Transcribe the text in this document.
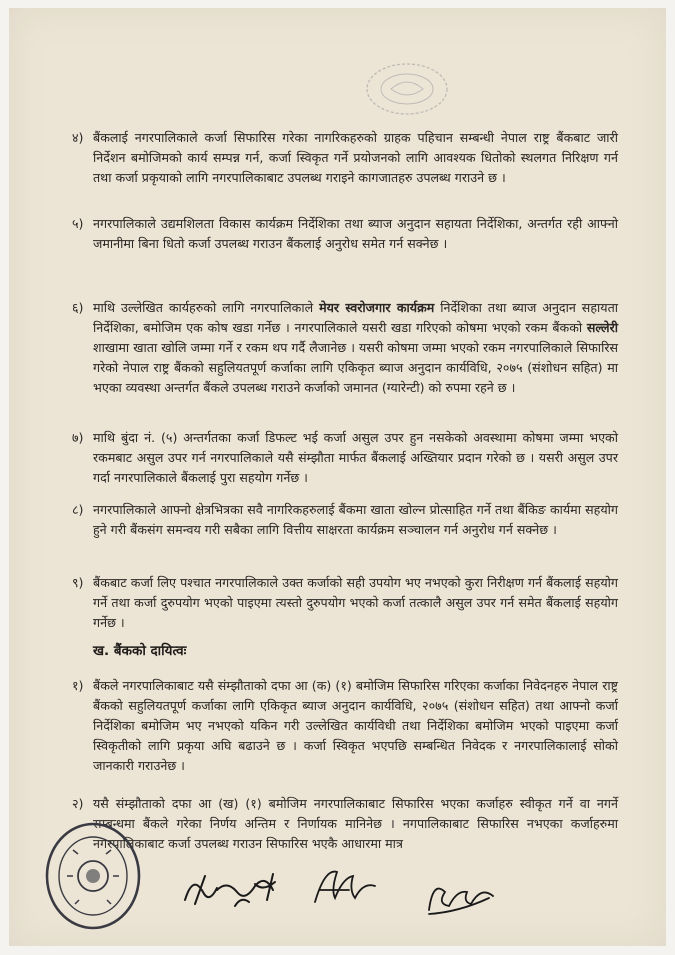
४) बैंकलाई नगरपालिकाले कर्जा सिफारिस गरेका नागरिकहरुको ग्राहक पहिचान सम्बन्धी नेपाल राष्ट्र बैंकबाट जारी निर्देशन बमोजिमको कार्य सम्पन्न गर्न, कर्जा स्विकृत गर्ने प्रयोजनको लागि आवश्यक धितोको स्थलगत निरिक्षण गर्न तथा कर्जा प्रकृयाको लागि नगरपालिकाबाट उपलब्ध गराइने कागजातहरु उपलब्ध गराउने छ ।
५) नगरपालिकाले उद्यमशिलता विकास कार्यक्रम निर्देशिका तथा ब्याज अनुदान सहायता निर्देशिका, अन्तर्गत रही आफ्नो जमानीमा बिना धितो कर्जा उपलब्ध गराउन बैंकलाई अनुरोध समेत गर्न सक्नेछ ।
६) माथि उल्लेखित कार्यहरुको लागि नगरपालिकाले मेयर स्वरोजगार कार्यक्रम निर्देशिका तथा ब्याज अनुदान सहायता निर्देशिका, बमोजिम एक कोष खडा गर्नेछ । नगरपालिकाले यसरी खडा गरिएको कोषमा भएको रकम बैंकको सल्लेरी शाखामा खाता खोलि जम्मा गर्ने र रकम थप गर्दै लैजानेछ । यसरी कोषमा जम्मा भएको रकम नगरपालिकाले सिफारिस गरेको नेपाल राष्ट्र बैंकको सहुलियतपूर्ण कर्जाका लागि एकिकृत ब्याज अनुदान कार्यविधि, २०७५ (संशोधन सहित) मा भएका व्यवस्था अन्तर्गत बैंकले उपलब्ध गराउने कर्जाको जमानत (ग्यारेन्टी) को रुपमा रहने छ ।
७) माथि बुंदा नं. (५) अन्तर्गतका कर्जा डिफल्ट भई कर्जा असुल उपर हुन नसकेको अवस्थामा कोषमा जम्मा भएको रकमबाट असुल उपर गर्न नगरपालिकाले यसै संम्झौता मार्फत बैंकलाई अख्तियार प्रदान गरेको छ । यसरी असुल उपर गर्दा नगरपालिकाले बैंकलाई पुरा सहयोग गर्नेछ ।
८) नगरपालिकाले आफ्नो क्षेत्रभित्रका सवै नागरिकहरुलाई बैंकमा खाता खोल्न प्रोत्साहित गर्ने तथा बैंकिङ कार्यमा सहयोग हुने गरी बैंकसंग समन्वय गरी सबैका लागि वित्तीय साक्षरता कार्यक्रम सञ्चालन गर्न अनुरोध गर्न सक्नेछ ।
९) बैंकबाट कर्जा लिए पश्चात नगरपालिकाले उक्त कर्जाको सही उपयोग भए नभएको कुरा निरीक्षण गर्न बैंकलाई सहयोग गर्ने तथा कर्जा दुरुपयोग भएको पाइएमा त्यस्तो दुरुपयोग भएको कर्जा तत्कालै असुल उपर गर्न समेत बैंकलाई सहयोग गर्नेछ ।
ख. बैंकको दायित्वः
१) बैंकले नगरपालिकाबाट यसै संम्झौताको दफा आ (क) (१) बमोजिम सिफारिस गरिएका कर्जाका निवेदनहरु नेपाल राष्ट्र बैंकको सहुलियतपूर्ण कर्जाका लागि एकिकृत ब्याज अनुदान कार्यविधि, २०७५ (संशोधन सहित) तथा आफ्नो कर्जा निर्देशिका बमोजिम भए नभएको यकिन गरी उल्लेखित कार्यविधी तथा निर्देशिका बमोजिम भएको पाइएमा कर्जा स्विकृतीको लागि प्रकृया अघि बढाउने छ । कर्जा स्विकृत भएपछि सम्बन्धित निवेदक र नगरपालिकालाई सोको जानकारी गराउनेछ ।
२) यसै संम्झौताको दफा आ (ख) (१) बमोजिम नगरपालिकाबाट सिफारिस भएका कर्जाहरु स्वीकृत गर्ने वा नगर्ने सम्बन्धमा बैंकले गरेका निर्णय अन्तिम र निर्णायक मानिनेछ । नगपालिकाबाट सिफारिस नभएका कर्जाहरुमा नगरपालिकाबाट कर्जा उपलब्ध गराउन सिफारिस भएकै आधारमा मात्र
